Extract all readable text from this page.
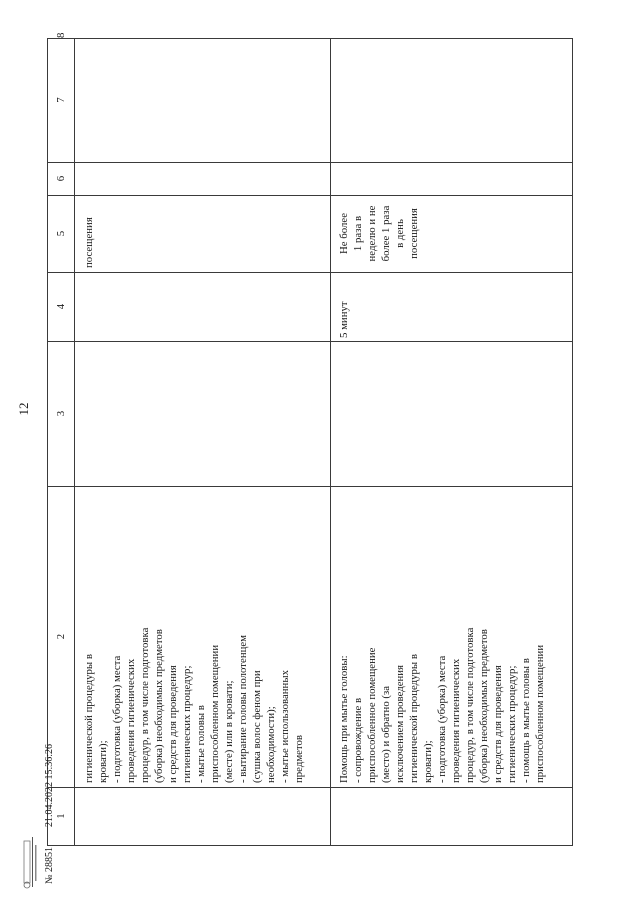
12
1
2
3
4
5
6
7
8
гигиенической процедуры в
кровати);
- подготовка (уборка) места
проведения гигиенических
процедур, в том числе подготовка
(уборка) необходимых предметов
и средств для проведения
гигиенических процедур;
- мытье головы в
приспособленном помещении
(месте) или в кровати;
- вытирание головы полотенцем
(сушка волос феном при
необходимости);
- мытье использованных
предметов
посещения
Помощь при мытье головы:
- сопровождение в
приспособленное помещение
(место) и обратно (за
исключением проведения
гигиенической процедуры в
кровати);
- подготовка (уборка) места
проведения гигиенических
процедур, в том числе подготовка
(уборка) необходимых предметов
и средств для проведения
гигиенических процедур;
- помощь в мытье головы в
приспособленном помещении
5 минут
Не более
1 раза в
неделю и не
более 1 раза
в день
посещения
№ 28851
21.04.2022 15:36:26
